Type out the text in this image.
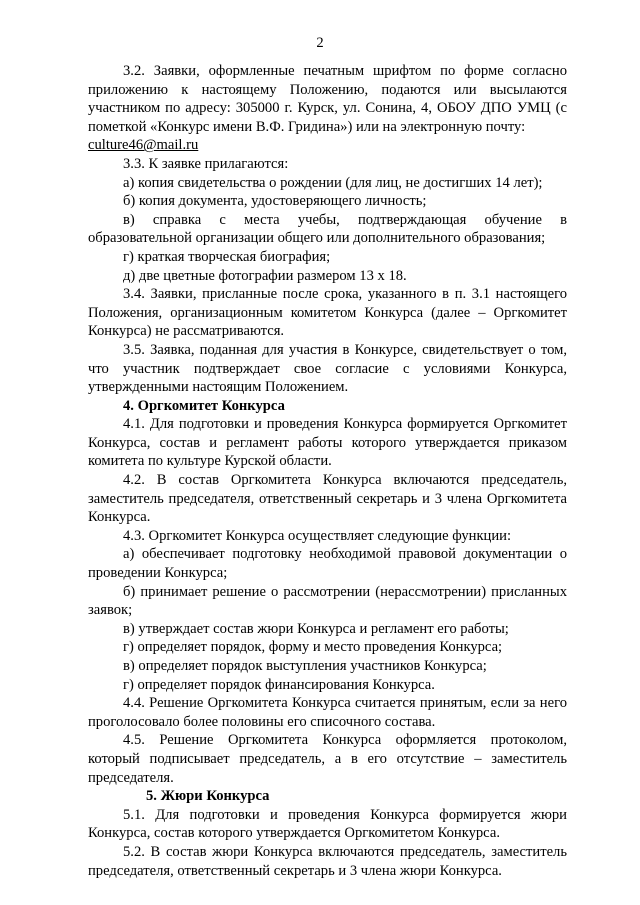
2

3.2. Заявки, оформленные печатным шрифтом по форме согласно приложению к настоящему Положению, подаются или высылаются участником по адресу: 305000 г. Курск, ул. Сонина, 4, ОБОУ ДПО УМЦ (с пометкой «Конкурс имени В.Ф. Гридина») или на электронную почту:

culture46@mail.ru

3.3. К заявке прилагаются:

а) копия свидетельства о рождении (для лиц, не достигших 14 лет);

б) копия документа, удостоверяющего личность;

в) справка с места учебы, подтверждающая обучение в образовательной организации общего или дополнительного образования;

г) краткая творческая биография;

д) две цветные фотографии размером 13 х 18.

3.4. Заявки, присланные после срока, указанного в п. 3.1 настоящего Положения, организационным комитетом Конкурса (далее – Оргкомитет Конкурса) не рассматриваются.

3.5. Заявка, поданная для участия в Конкурсе, свидетельствует о том, что участник подтверждает свое согласие с условиями Конкурса, утвержденными настоящим Положением.

4. Оргкомитет Конкурса

4.1. Для подготовки и проведения Конкурса формируется Оргкомитет Конкурса, состав и регламент работы которого утверждается приказом комитета по культуре Курской области.

4.2. В состав Оргкомитета Конкурса включаются председатель, заместитель председателя, ответственный секретарь и 3 члена Оргкомитета Конкурса.

4.3. Оргкомитет Конкурса осуществляет следующие функции:

а) обеспечивает подготовку необходимой правовой документации о проведении Конкурса;

б) принимает решение о рассмотрении (нерассмотрении) присланных заявок;

в) утверждает состав жюри Конкурса и регламент его работы;

г) определяет порядок, форму и место проведения Конкурса;

в) определяет порядок выступления участников Конкурса;

г) определяет порядок финансирования Конкурса.

4.4. Решение Оргкомитета Конкурса считается принятым, если за него проголосовало более половины его списочного состава.

4.5. Решение Оргкомитета Конкурса оформляется протоколом, который подписывает председатель, а в его отсутствие – заместитель председателя.

5. Жюри Конкурса

5.1. Для подготовки и проведения Конкурса формируется жюри Конкурса, состав которого утверждается Оргкомитетом Конкурса.

5.2. В состав жюри Конкурса включаются председатель, заместитель председателя, ответственный секретарь и 3 члена жюри Конкурса.
